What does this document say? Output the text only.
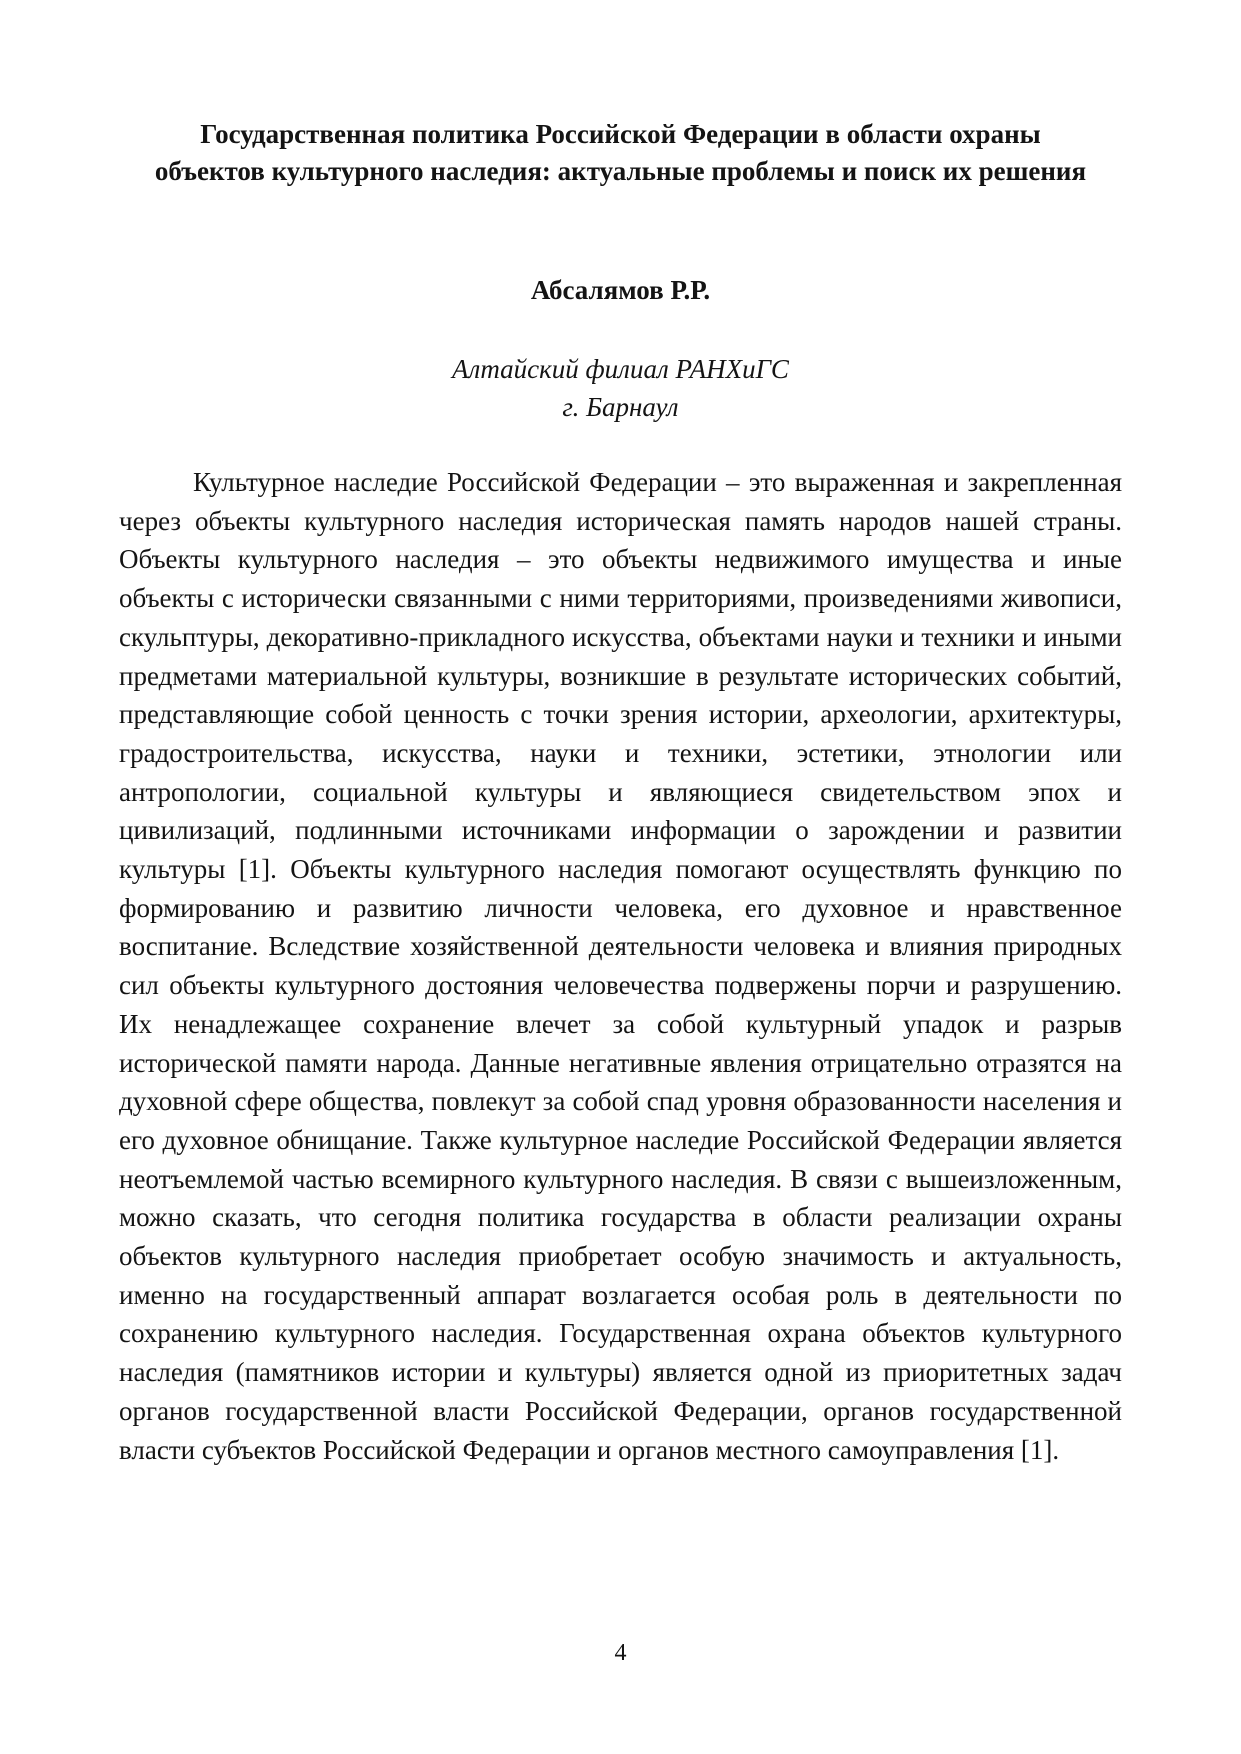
Государственная политика Российской Федерации в области охраны объектов культурного наследия: актуальные проблемы и поиск их решения

Абсалямов Р.Р.

Алтайский филиал РАНХиГС
г. Барнаул

Культурное наследие Российской Федерации – это выраженная и закрепленная через объекты культурного наследия историческая память народов нашей страны. Объекты культурного наследия – это объекты недвижимого имущества и иные объекты с исторически связанными с ними территориями, произведениями живописи, скульптуры, декоративно-прикладного искусства, объектами науки и техники и иными предметами материальной культуры, возникшие в результате исторических событий, представляющие собой ценность с точки зрения истории, археологии, архитектуры, градостроительства, искусства, науки и техники, эстетики, этнологии или антропологии, социальной культуры и являющиеся свидетельством эпох и цивилизаций, подлинными источниками информации о зарождении и развитии культуры [1]. Объекты культурного наследия помогают осуществлять функцию по формированию и развитию личности человека, его духовное и нравственное воспитание. Вследствие хозяйственной деятельности человека и влияния природных сил объекты культурного достояния человечества подвержены порчи и разрушению. Их ненадлежащее сохранение влечет за собой культурный упадок и разрыв исторической памяти народа. Данные негативные явления отрицательно отразятся на духовной сфере общества, повлекут за собой спад уровня образованности населения и его духовное обнищание. Также культурное наследие Российской Федерации является неотъемлемой частью всемирного культурного наследия. В связи с вышеизложенным, можно сказать, что сегодня политика государства в области реализации охраны объектов культурного наследия приобретает особую значимость и актуальность, именно на государственный аппарат возлагается особая роль в деятельности по сохранению культурного наследия. Государственная охрана объектов культурного наследия (памятников истории и культуры) является одной из приоритетных задач органов государственной власти Российской Федерации, органов государственной власти субъектов Российской Федерации и органов местного самоуправления [1].

4
